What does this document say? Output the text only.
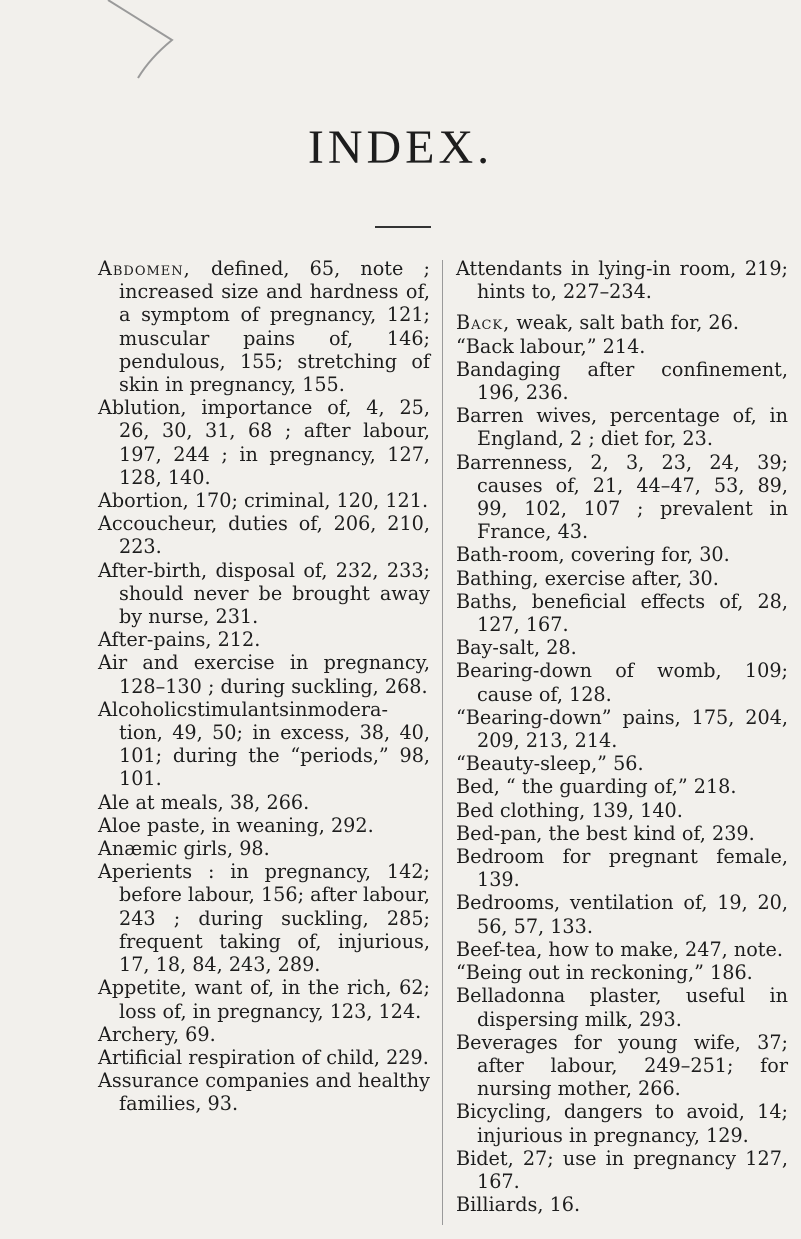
INDEX.

Abdomen, defined, 65, note ; increased size and hardness of, a symptom of pregnancy, 121; muscular pains of, 146; pendulous, 155; stretching of skin in pregnancy, 155.

Ablution, importance of, 4, 25, 26, 30, 31, 68 ; after labour, 197, 244 ; in pregnancy, 127, 128, 140.

Abortion, 170; criminal, 120, 121.

Accoucheur, duties of, 206, 210, 223.

After-birth, disposal of, 232, 233; should never be brought away by nurse, 231.

After-pains, 212.

Air and exercise in pregnancy, 128–130 ; during suckling, 268.

Alcoholicstimulantsinmodera-tion, 49, 50; in excess, 38, 40, 101; during the “periods,” 98, 101.

Ale at meals, 38, 266.

Aloe paste, in weaning, 292.

Anæmic girls, 98.

Aperients : in pregnancy, 142; before labour, 156; after labour, 243 ; during suckling, 285; frequent taking of, injurious, 17, 18, 84, 243, 289.

Appetite, want of, in the rich, 62; loss of, in pregnancy, 123, 124.

Archery, 69.

Artificial respiration of child, 229.

Assurance companies and healthy families, 93.

Attendants in lying-in room, 219; hints to, 227–234.

Back, weak, salt bath for, 26.

“Back labour,” 214.

Bandaging after confinement, 196, 236.

Barren wives, percentage of, in England, 2 ; diet for, 23.

Barrenness, 2, 3, 23, 24, 39; causes of, 21, 44–47, 53, 89, 99, 102, 107 ; prevalent in France, 43.

Bath-room, covering for, 30.

Bathing, exercise after, 30.

Baths, beneficial effects of, 28, 127, 167.

Bay-salt, 28.

Bearing-down of womb, 109; cause of, 128.

“Bearing-down” pains, 175, 204, 209, 213, 214.

“Beauty-sleep,” 56.

Bed, “ the guarding of,” 218.

Bed clothing, 139, 140.

Bed-pan, the best kind of, 239.

Bedroom for pregnant female, 139.

Bedrooms, ventilation of, 19, 20, 56, 57, 133.

Beef-tea, how to make, 247, note.

“Being out in reckoning,” 186.

Belladonna plaster, useful in dispersing milk, 293.

Beverages for young wife, 37; after labour, 249–251; for nursing mother, 266.

Bicycling, dangers to avoid, 14; injurious in pregnancy, 129.

Bidet, 27; use in pregnancy 127, 167.

Billiards, 16.
